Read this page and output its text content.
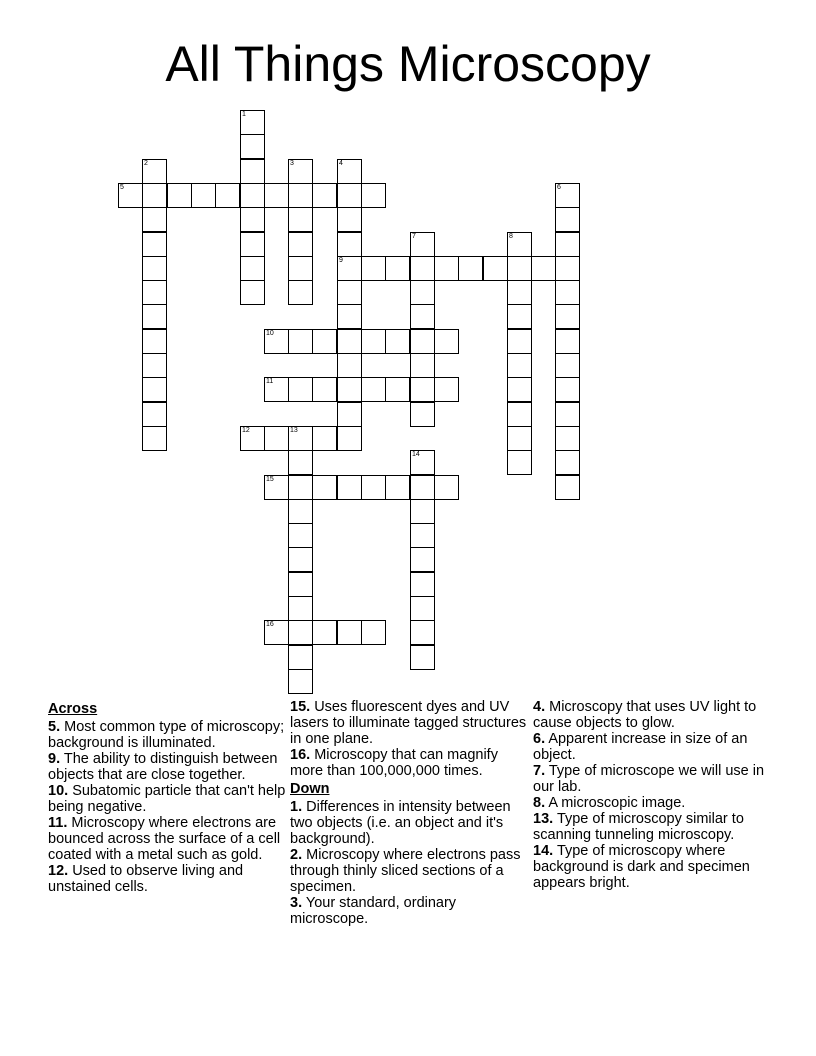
All Things Microscopy
1
2	3	4
9
5	6
7	8
10
11
12	13
14
15
16
Across
5. Most common type of microscopy; background is illuminated.
9. The ability to distinguish between objects that are close together.
10. Subatomic particle that can't help being negative.
11. Microscopy where electrons are bounced across the surface of a cell coated with a metal such as gold.
12. Used to observe living and unstained cells.
15. Uses fluorescent dyes and UV lasers to illuminate tagged structures in one plane.
16. Microscopy that can magnify more than 100,000,000 times.
Down
1. Differences in intensity between two objects (i.e. an object and it's background).
2. Microscopy where electrons pass through thinly sliced sections of a specimen.
3. Your standard, ordinary microscope.
4. Microscopy that uses UV light to cause objects to glow.
6. Apparent increase in size of an object.
7. Type of microscope we will use in our lab.
8. A microscopic image.
13. Type of microscopy similar to scanning tunneling microscopy.
14. Type of microscopy where background is dark and specimen appears bright.
